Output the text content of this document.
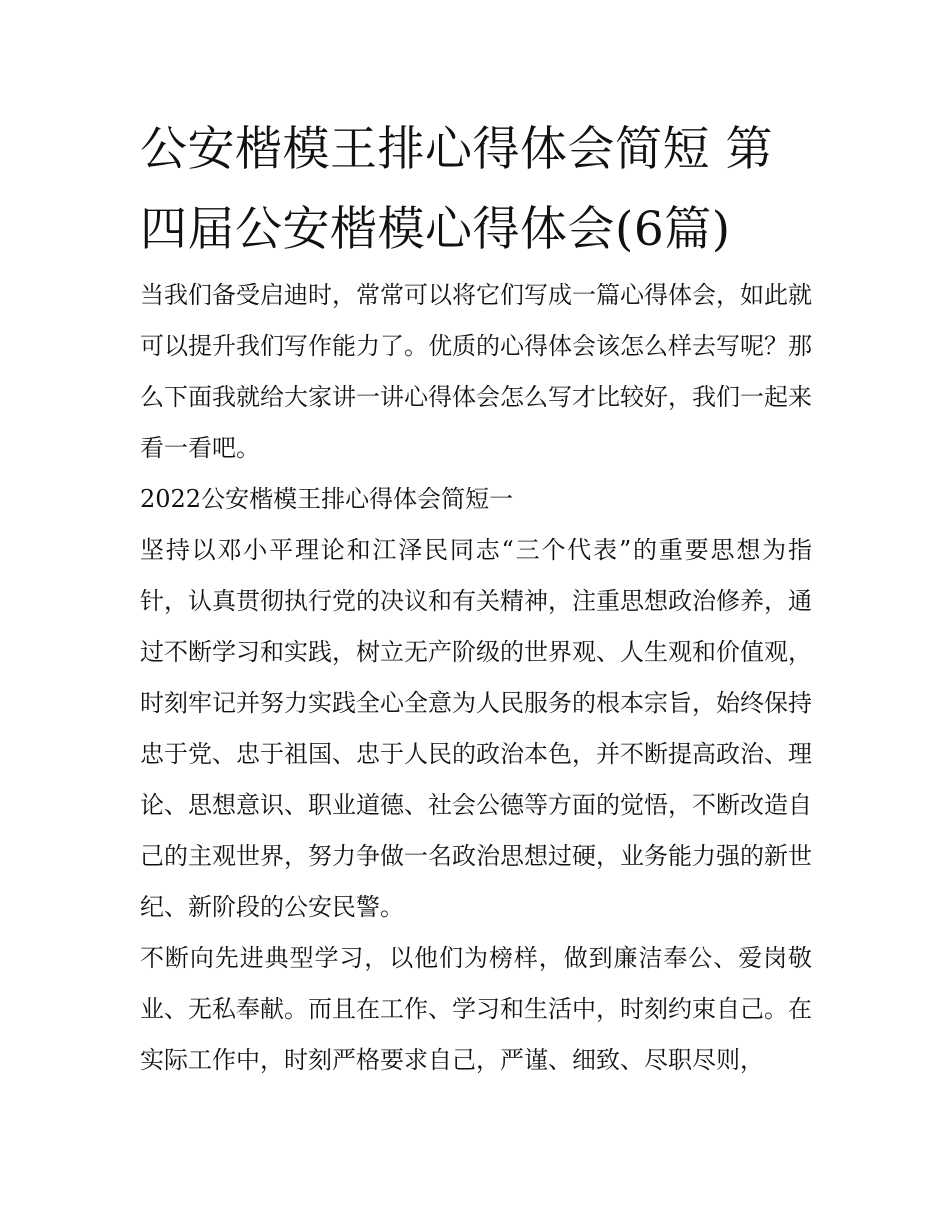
公安楷模王排心得体会简短 第四届公安楷模心得体会(6篇)

当我们备受启迪时，常常可以将它们写成一篇心得体会，如此就可以提升我们写作能力了。优质的心得体会该怎么样去写呢？那么下面我就给大家讲一讲心得体会怎么写才比较好，我们一起来看一看吧。

2022公安楷模王排心得体会简短一

坚持以邓小平理论和江泽民同志“三个代表”的重要思想为指针，认真贯彻执行党的决议和有关精神，注重思想政治修养，通过不断学习和实践，树立无产阶级的世界观、人生观和价值观，时刻牢记并努力实践全心全意为人民服务的根本宗旨，始终保持忠于党、忠于祖国、忠于人民的政治本色，并不断提高政治、理论、思想意识、职业道德、社会公德等方面的觉悟，不断改造自己的主观世界，努力争做一名政治思想过硬，业务能力强的新世纪、新阶段的公安民警。

不断向先进典型学习，以他们为榜样，做到廉洁奉公、爱岗敬业、无私奉献。而且在工作、学习和生活中，时刻约束自己。在实际工作中，时刻严格要求自己，严谨、细致、尽职尽则，
